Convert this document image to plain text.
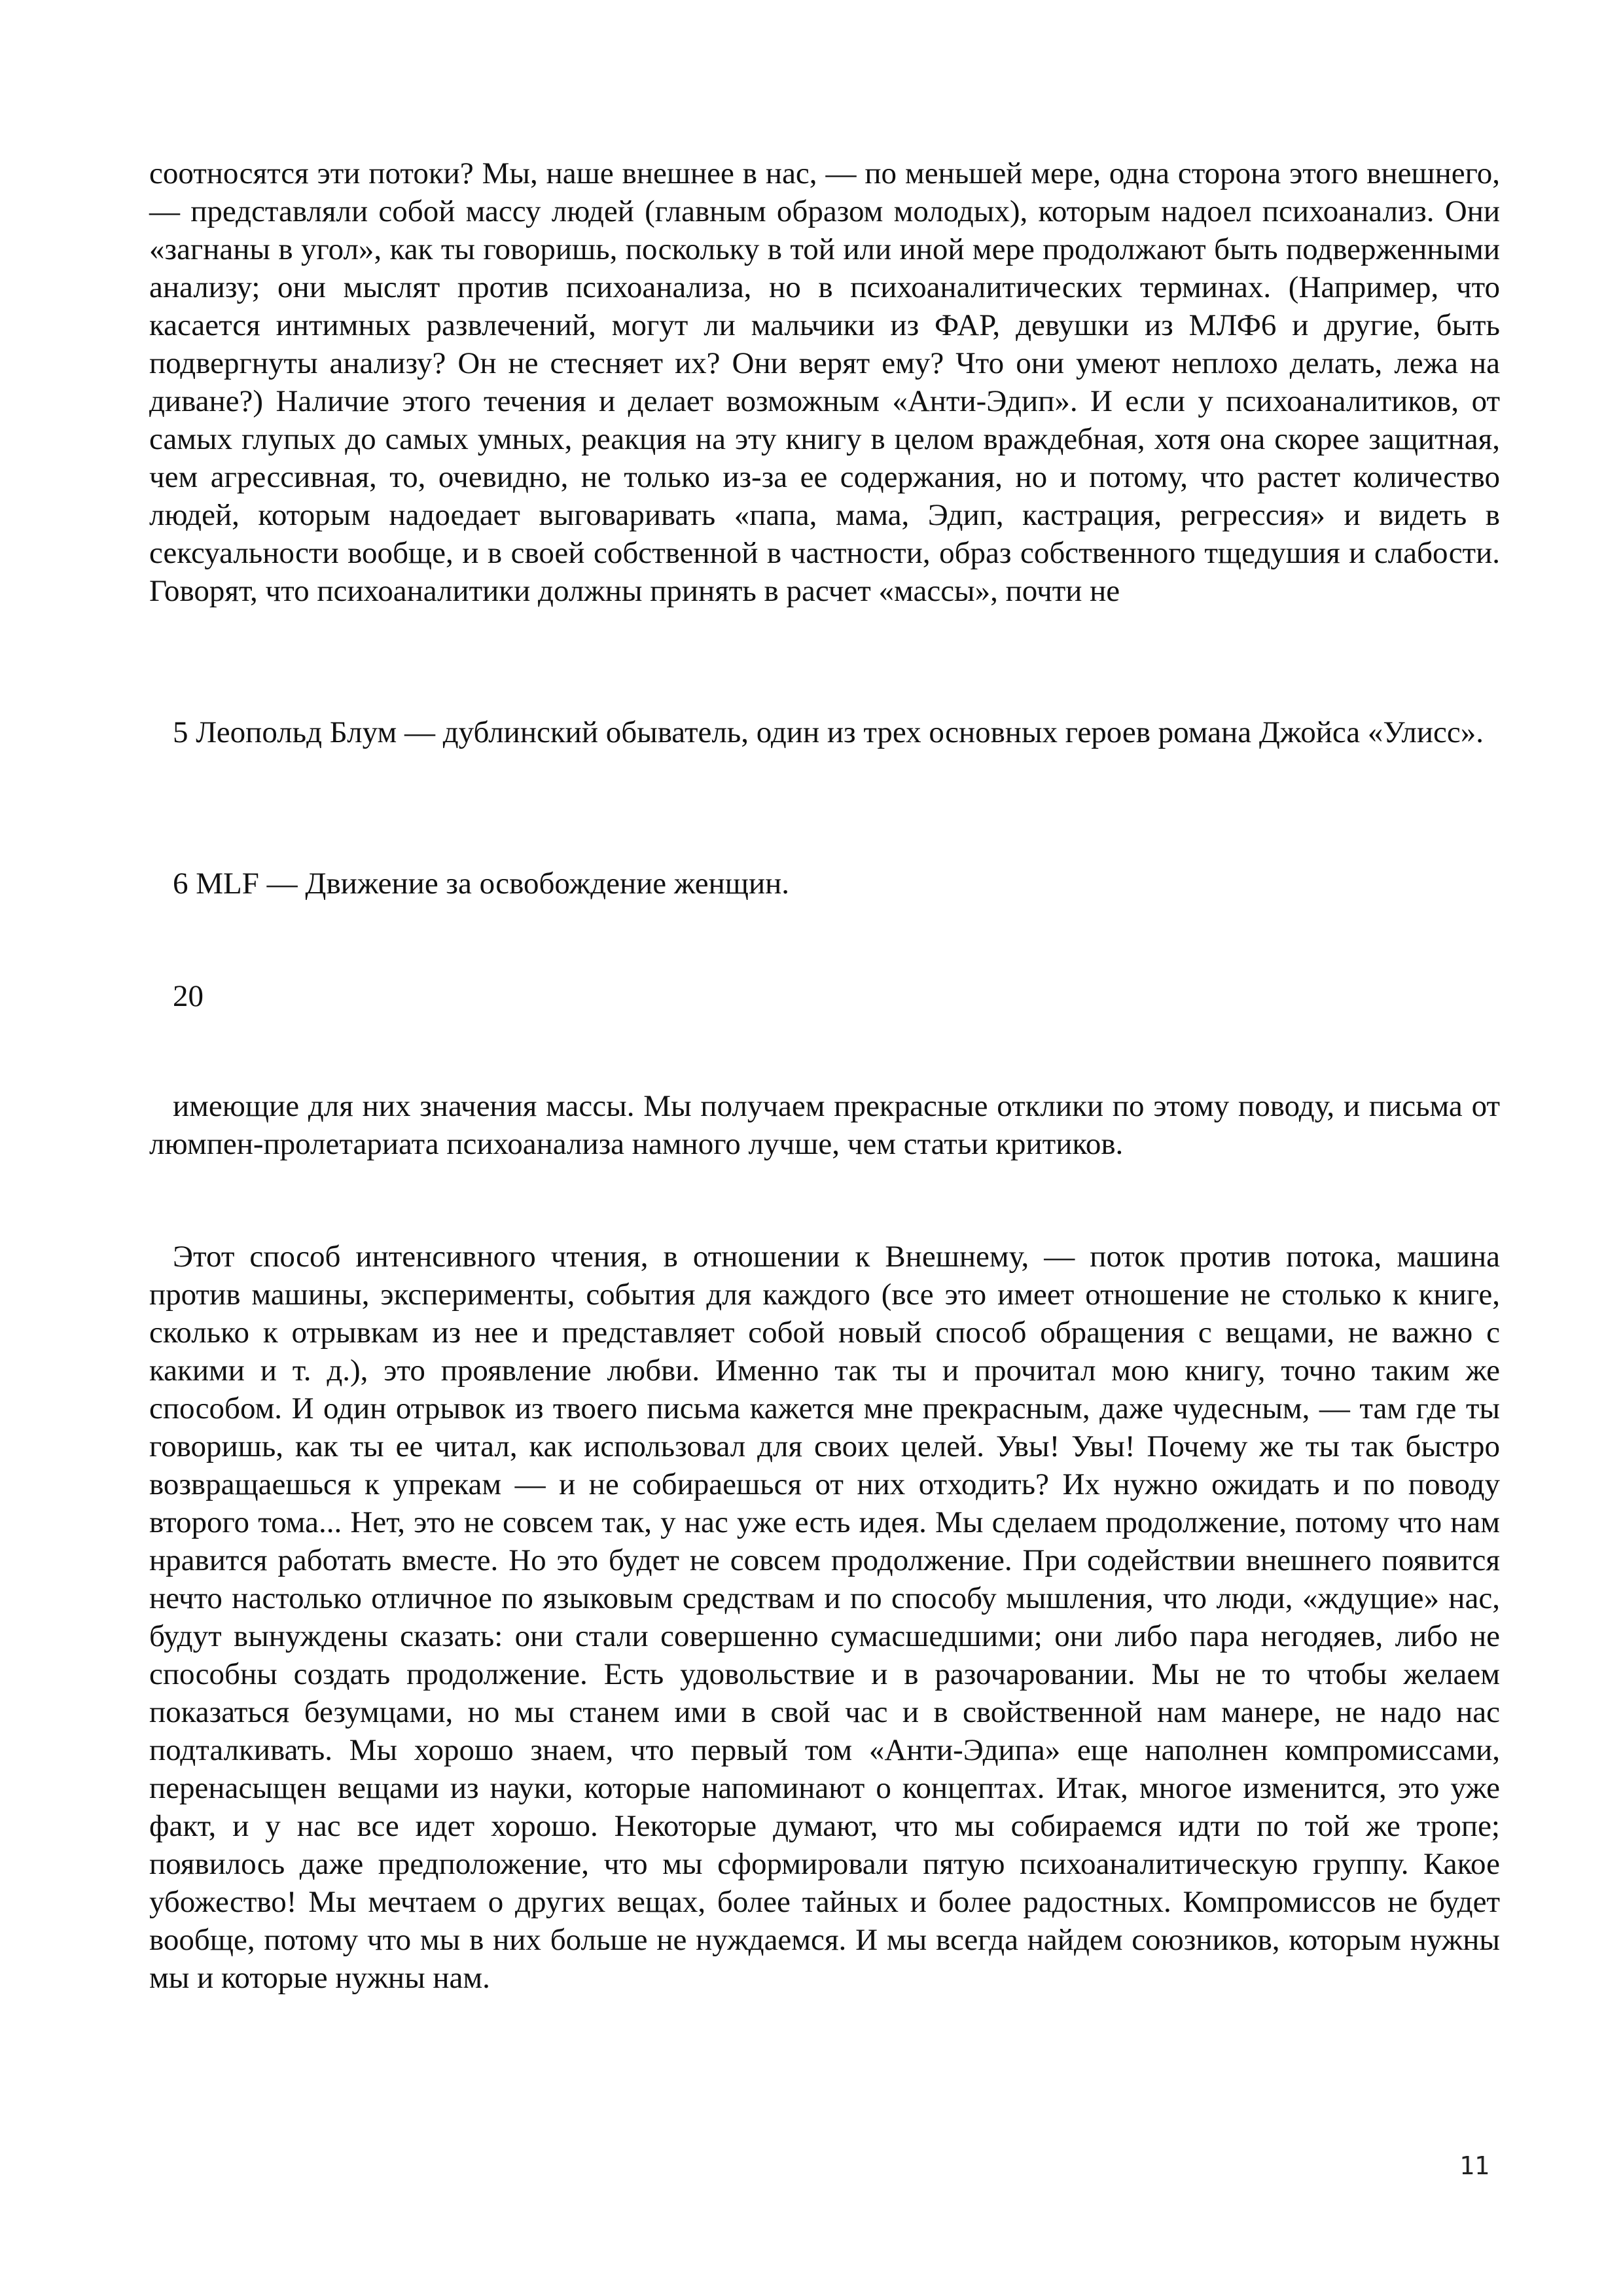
соотносятся эти потоки? Мы, наше внешнее в нас, — по меньшей мере, одна сторона этого внешнего, — представляли собой массу людей (главным образом молодых), которым надоел психоанализ. Они «загнаны в угол», как ты говоришь, поскольку в той или иной мере продолжают быть подверженными анализу; они мыслят против психоанализа, но в психоаналитических терминах. (Например, что касается интимных развлечений, могут ли мальчики из ФАР, девушки из МЛФ6 и другие, быть подвергнуты анализу? Он не стесняет их? Они верят ему? Что они умеют неплохо делать, лежа на диване?) Наличие этого течения и делает возможным «Анти-Эдип». И если у психоаналитиков, от самых глупых до самых умных, реакция на эту книгу в целом враждебная, хотя она скорее защитная, чем агрессивная, то, очевидно, не только из-за ее содержания, но и потому, что растет количество людей, которым надоедает выговаривать «папа, мама, Эдип, кастрация, регрессия» и видеть в сексуальности вообще, и в своей собственной в частности, образ собственного тщедушия и слабости. Говорят, что психоаналитики должны принять в расчет «массы», почти не

5 Леопольд Блум — дублинский обыватель, один из трех основных героев романа Джойса «Улисс».

6 MLF — Движение за освобождение женщин.

20

имеющие для них значения массы. Мы получаем прекрасные отклики по этому поводу, и письма от люмпен-пролетариата психоанализа намного лучше, чем статьи критиков.

Этот способ интенсивного чтения, в отношении к Внешнему, — поток против потока, машина против машины, эксперименты, события для каждого (все это имеет отношение не столько к книге, сколько к отрывкам из нее и представляет собой новый способ обращения с вещами, не важно с какими и т. д.), это проявление любви. Именно так ты и прочитал мою книгу, точно таким же способом. И один отрывок из твоего письма кажется мне прекрасным, даже чудесным, — там где ты говоришь, как ты ее читал, как использовал для своих целей. Увы! Увы! Почему же ты так быстро возвращаешься к упрекам — и не собираешься от них отходить? Их нужно ожидать и по поводу второго тома... Нет, это не совсем так, у нас уже есть идея. Мы сделаем продолжение, потому что нам нравится работать вместе. Но это будет не совсем продолжение. При содействии внешнего появится нечто настолько отличное по языковым средствам и по способу мышления, что люди, «ждущие» нас, будут вынуждены сказать: они стали совершенно сумасшедшими; они либо пара негодяев, либо не способны создать продолжение. Есть удовольствие и в разочаровании. Мы не то чтобы желаем показаться безумцами, но мы станем ими в свой час и в свойственной нам манере, не надо нас подталкивать. Мы хорошо знаем, что первый том «Анти-Эдипа» еще наполнен компромиссами, перенасыщен вещами из науки, которые напоминают о концептах. Итак, многое изменится, это уже факт, и у нас все идет хорошо. Некоторые думают, что мы собираемся идти по той же тропе; появилось даже предположение, что мы сформировали пятую психоаналитическую группу. Какое убожество! Мы мечтаем о других вещах, более тайных и более радостных. Компромиссов не будет вообще, потому что мы в них больше не нуждаемся. И мы всегда найдем союзников, которым нужны мы и которые нужны нам.

11
